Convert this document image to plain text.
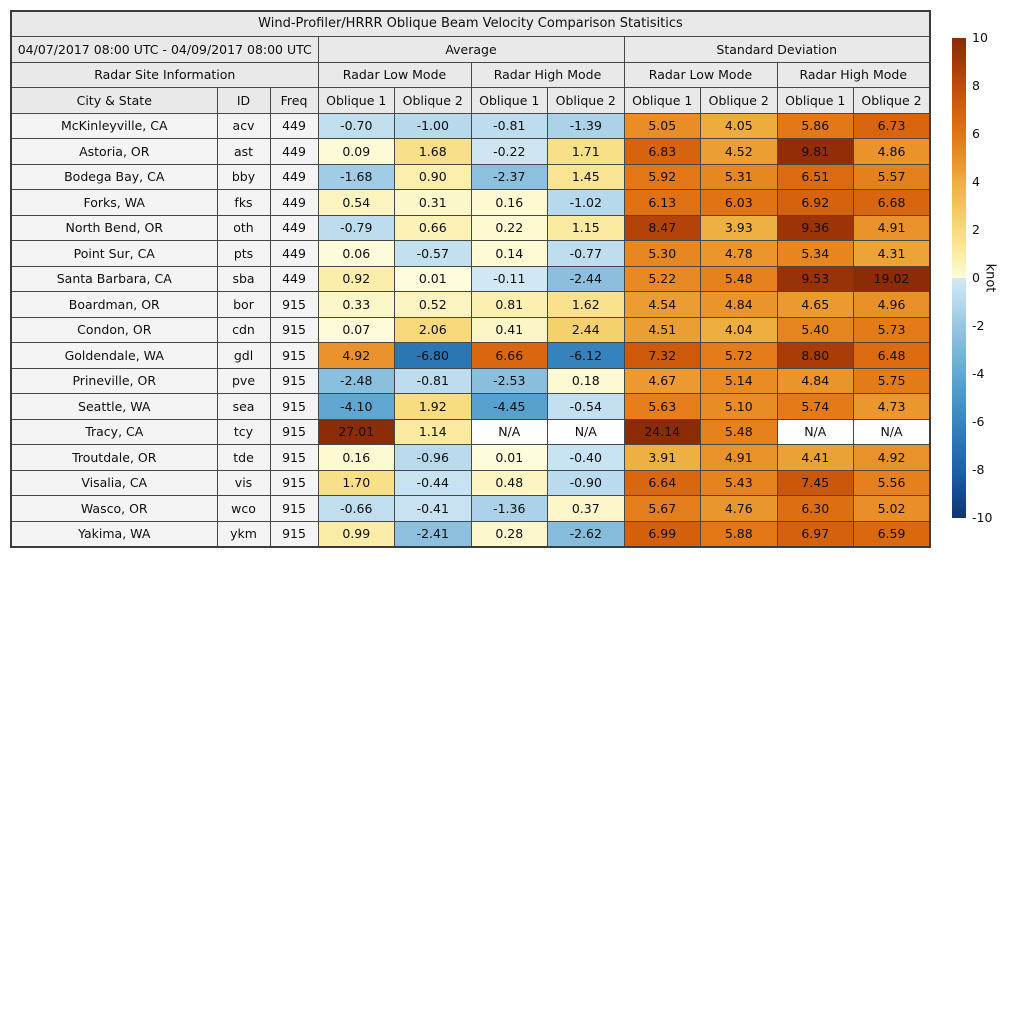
Wind-Profiler/HRRR Oblique Beam Velocity Comparison Statisitics										
04/07/2017 08:00 UTC - 04/09/2017 08:00 UTC			Average				Standard Deviation			
Radar Site Information			Radar Low Mode		Radar High Mode		Radar Low Mode		Radar High Mode	
City & State	ID	Freq	Oblique 1	Oblique 2	Oblique 1	Oblique 2	Oblique 1	Oblique 2	Oblique 1	Oblique 2
McKinleyville, CA	acv	449	-0.70	-1.00	-0.81	-1.39	5.05	4.05	5.86	6.73
Astoria, OR	ast	449	0.09	1.68	-0.22	1.71	6.83	4.52	9.81	4.86
Bodega Bay, CA	bby	449	-1.68	0.90	-2.37	1.45	5.92	5.31	6.51	5.57
Forks, WA	fks	449	0.54	0.31	0.16	-1.02	6.13	6.03	6.92	6.68
North Bend, OR	oth	449	-0.79	0.66	0.22	1.15	8.47	3.93	9.36	4.91
Point Sur, CA	pts	449	0.06	-0.57	0.14	-0.77	5.30	4.78	5.34	4.31
Santa Barbara, CA	sba	449	0.92	0.01	-0.11	-2.44	5.22	5.48	9.53	19.02
Boardman, OR	bor	915	0.33	0.52	0.81	1.62	4.54	4.84	4.65	4.96
Condon, OR	cdn	915	0.07	2.06	0.41	2.44	4.51	4.04	5.40	5.73
Goldendale, WA	gdl	915	4.92	-6.80	6.66	-6.12	7.32	5.72	8.80	6.48
Prineville, OR	pve	915	-2.48	-0.81	-2.53	0.18	4.67	5.14	4.84	5.75
Seattle, WA	sea	915	-4.10	1.92	-4.45	-0.54	5.63	5.10	5.74	4.73
Tracy, CA	tcy	915	27.01	1.14	N/A	N/A	24.14	5.48	N/A	N/A
Troutdale, OR	tde	915	0.16	-0.96	0.01	-0.40	3.91	4.91	4.41	4.92
Visalia, CA	vis	915	1.70	-0.44	0.48	-0.90	6.64	5.43	7.45	5.56
Wasco, OR	wco	915	-0.66	-0.41	-1.36	0.37	5.67	4.76	6.30	5.02
Yakima, WA	ykm	915	0.99	-2.41	0.28	-2.62	6.99	5.88	6.97	6.59
knot
10
8
6
4
2
0
-2
-4
-6
-8
-10
